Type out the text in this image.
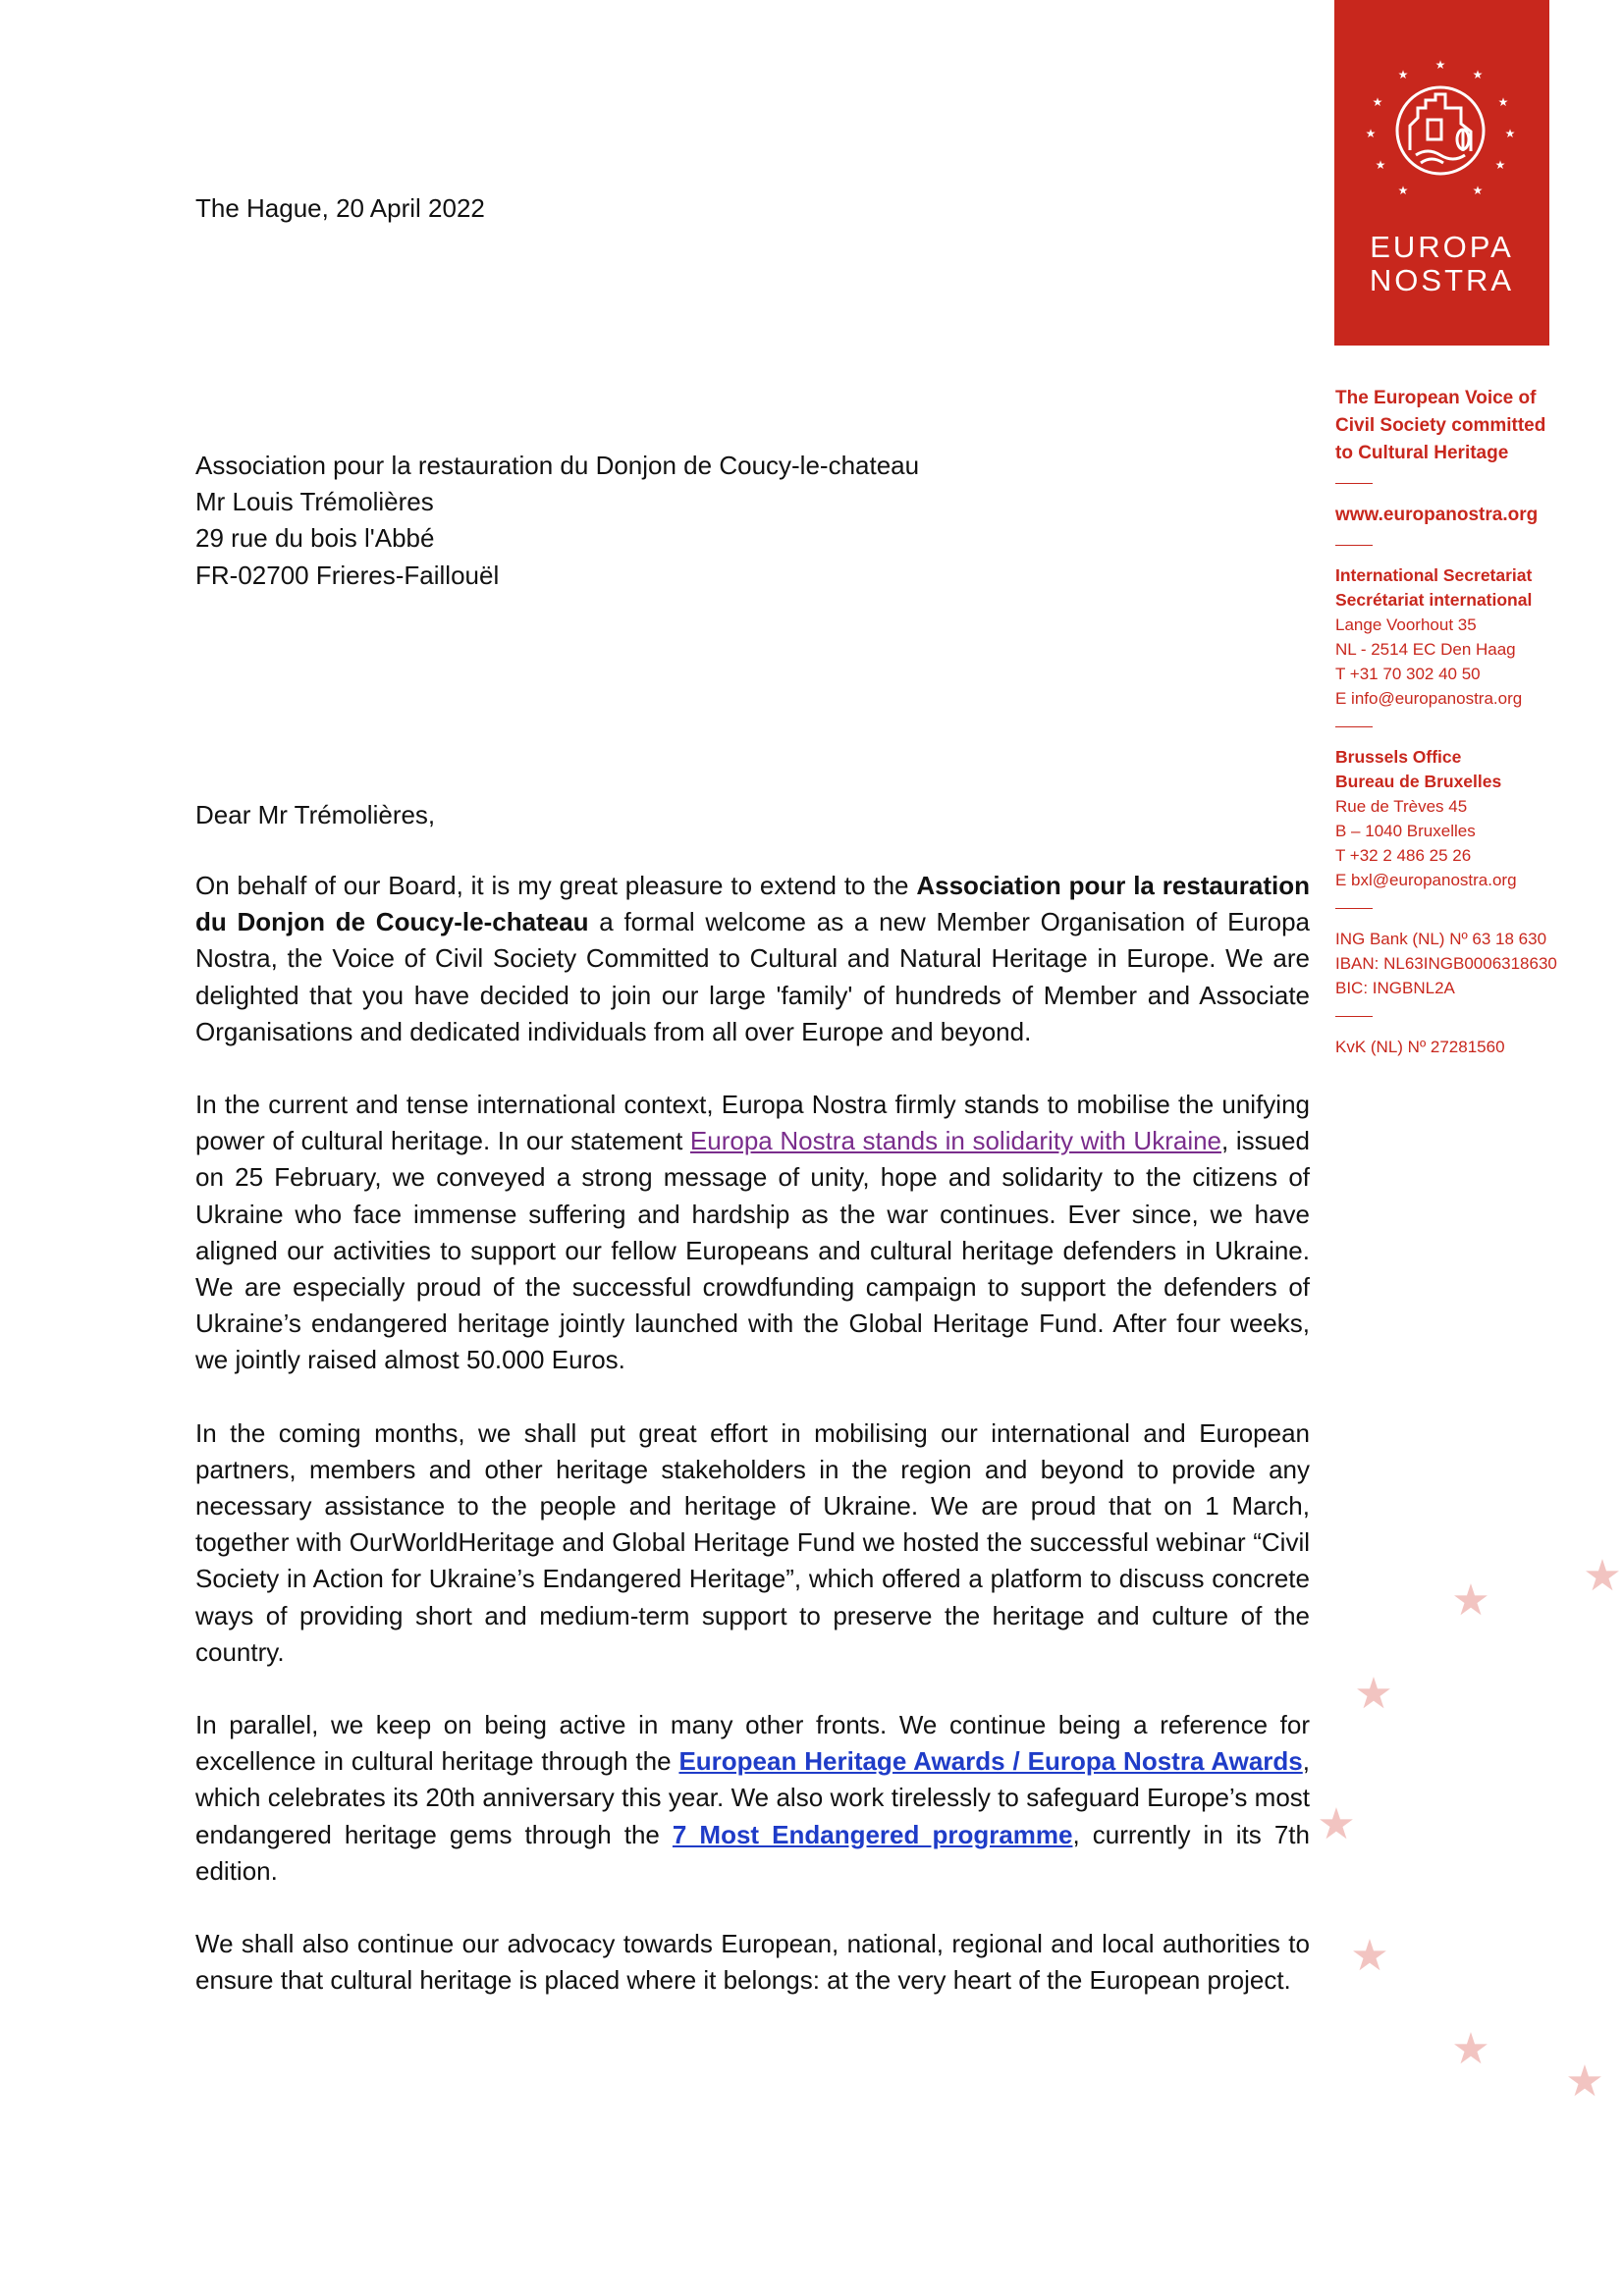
★
★
★
★
★
★
★
★
★
★
★
EUROPA
NOSTRA
The European Voice of
Civil Society committed
to Cultural Heritage
www.europanostra.org
International Secretariat
Secrétariat international
Lange Voorhout 35
NL - 2514 EC Den Haag
T +31 70 302 40 50
E info@europanostra.org
Brussels Office
Bureau de Bruxelles
Rue de Trèves 45
B – 1040 Bruxelles
T +32 2 486 25 26
E bxl@europanostra.org
ING Bank (NL) Nº 63 18 630
IBAN: NL63INGB0006318630
BIC: INGBNL2A
KvK (NL) Nº 27281560
★
★
★
★
★
★
★
The Hague, 20 April 2022
Association pour la restauration du Donjon de Coucy-le-chateau
Mr Louis Trémolières
29 rue du bois l'Abbé
FR-02700 Frieres-Faillouël
Dear Mr Trémolières,

On behalf of our Board, it is my great pleasure to extend to the Association pour la restauration du Donjon de Coucy-le-chateau a formal welcome as a new Member Organisation of Europa Nostra, the Voice of Civil Society Committed to Cultural and Natural Heritage in Europe. We are delighted that you have decided to join our large 'family' of hundreds of Member and Associate Organisations and dedicated individuals from all over Europe and beyond.

In the current and tense international context, Europa Nostra firmly stands to mobilise the unifying power of cultural heritage. In our statement Europa Nostra stands in solidarity with Ukraine, issued on 25 February, we conveyed a strong message of unity, hope and solidarity to the citizens of Ukraine who face immense suffering and hardship as the war continues. Ever since, we have aligned our activities to support our fellow Europeans and cultural heritage defenders in Ukraine. We are especially proud of the successful crowdfunding campaign to support the defenders of Ukraine’s endangered heritage jointly launched with the Global Heritage Fund. After four weeks, we jointly raised almost 50.000 Euros.

In the coming months, we shall put great effort in mobilising our international and European partners, members and other heritage stakeholders in the region and beyond to provide any necessary assistance to the people and heritage of Ukraine. We are proud that on 1 March, together with OurWorldHeritage and Global Heritage Fund we hosted the successful webinar “Civil Society in Action for Ukraine’s Endangered Heritage”, which offered a platform to discuss concrete ways of providing short and medium-term support to preserve the heritage and culture of the country.

In parallel, we keep on being active in many other fronts. We continue being a reference for excellence in cultural heritage through the European Heritage Awards / Europa Nostra Awards, which celebrates its 20th anniversary this year. We also work tirelessly to safeguard Europe’s most endangered heritage gems through the 7 Most Endangered programme, currently in its 7th edition.

We shall also continue our advocacy towards European, national, regional and local authorities to ensure that cultural heritage is placed where it belongs: at the very heart of the European project.
